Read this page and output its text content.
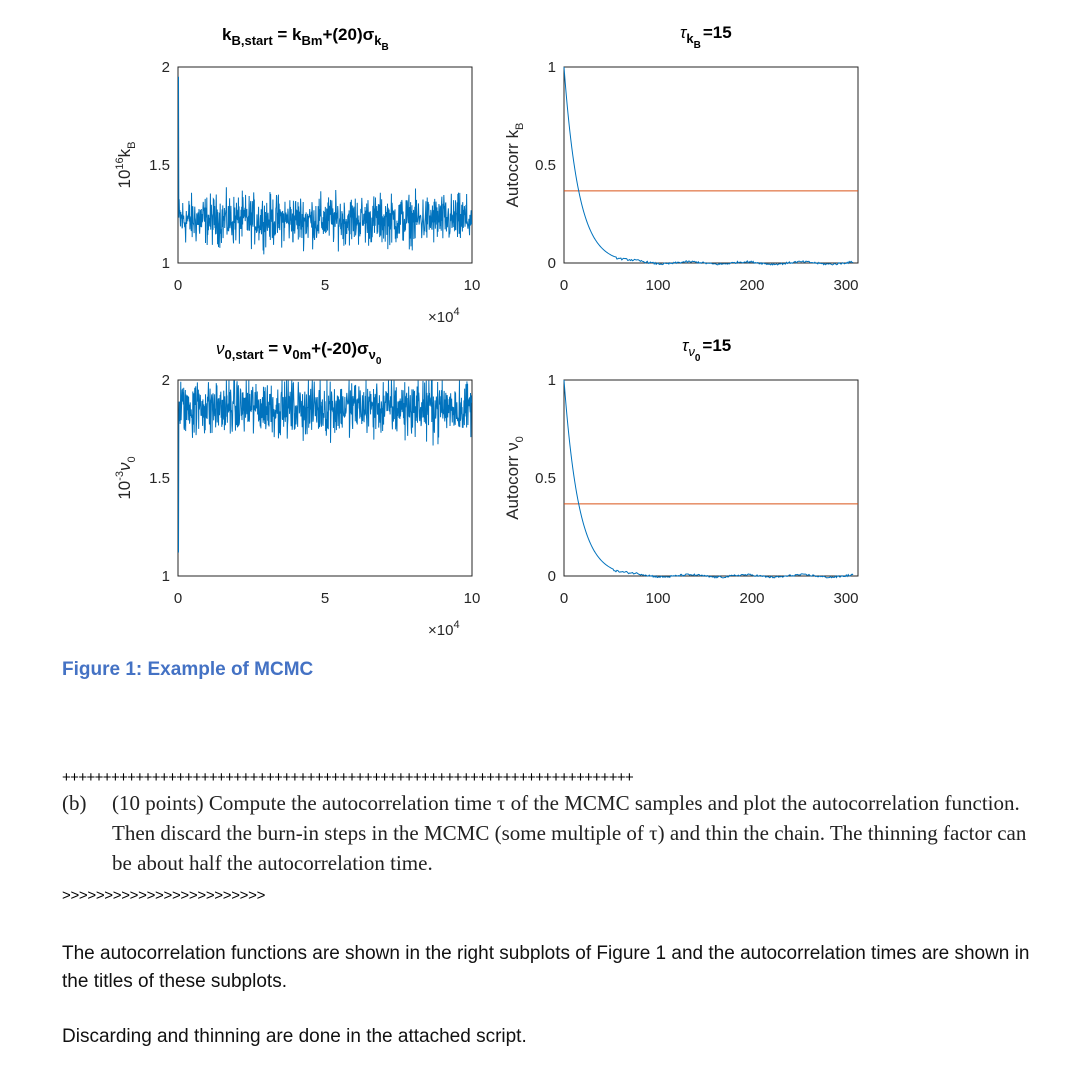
$10^{16}k_B$
2
1.5
1
0	5	10
$\times 10^4$
$k_{B,start} = k_{Bm}+(20)\sigma_{kB}$
Autocorr $k_B$
1
0.5
0
0	100	200	300
$\tau_{kB}=15$
$10^{-3}\nu_0$
2
1.5
1
0	5	10
$\times 10^4$
$\nu_{0,start} = \nu_{0m}+(-20)\sigma_{\nu 0}$
Autocorr $\nu_0$
1
0.5
0
0	100	200	300
$\tau_{\nu 0}=15$
Figure 1: Example of MCMC
++++++++++++++++++++++++++++++++++++++++++++++++++++++++++++++++++++++
(b) (10 points) Compute the autocorrelation time τ of the MCMC samples and plot the autocorrelation function. Then discard the burn-in steps in the MCMC (some multiple of τ) and thin the chain. The thinning factor can be about half the autocorrelation time.
>>>>>>>>>>>>>>>>>>>>>>>>
The autocorrelation functions are shown in the right subplots of Figure 1 and the autocorrelation times are shown in the titles of these subplots.
Discarding and thinning are done in the attached script.
